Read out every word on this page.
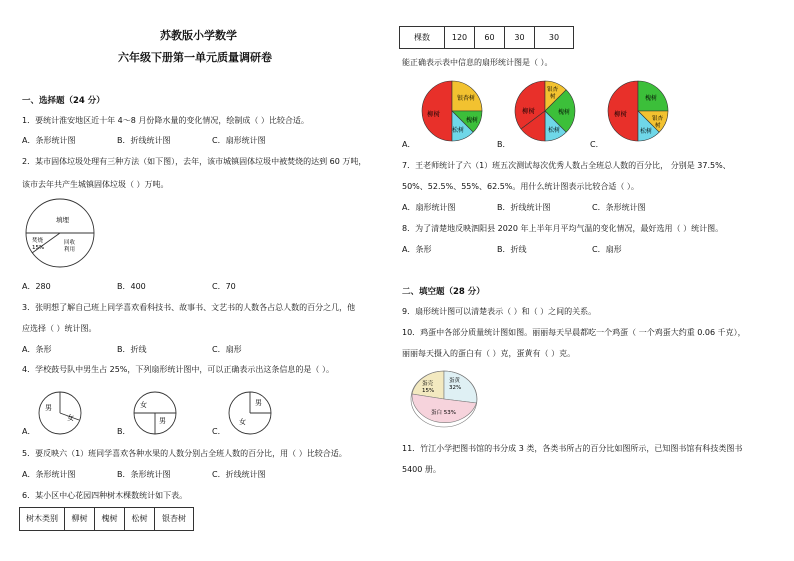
苏教版小学数学
六年级下册第一单元质量调研卷
一、选择题（24 分）
1．要统计淮安地区近十年 4～8 月份降水量的变化情况，绘制成（ ）比较合适。
A．条形统计图	B．折线统计图	C．扇形统计图
2．某市固体垃圾处理有三种方法（如下图），去年，该市城镇固体垃圾中被焚烧的达到 60 万吨，
该市去年共产生城镇固体垃圾（ ）万吨。
填埋
焚烧
15%
回收
利用
A．280	B．400	C．70
3．张明想了解自己班上同学喜欢看科技书、故事书、文艺书的人数各占总人数的百分之几，他
应选择（ ）统计图。
A．条形	B．折线	C．扇形
4．学校鼓号队中男生占 25%，下列扇形统计图中，可以正确表示出这条信息的是（ ）。
A．
男
女
B．
女
男
C．
男
女
5．要反映六（1）班同学喜欢各种水果的人数分别占全班人数的百分比，用（ ）比较合适。
A．条形统计图	B．条形统计图	C．折线统计图
6．某小区中心花园四种树木棵数统计如下表。
树木类别	柳树	槐树	松树	银杏树
棵数	120	60	30	30
能正确表示表中信息的扇形统计图是（ ）。
柳树
银杏树
槐树
松树
A．
柳树
银杏
树
槐树
松树
B．
柳树
槐树
银杏
树
松树
C．
7．王老师统计了六（1）班五次测试每次优秀人数占全班总人数的百分比， 分别是 37.5%、
50%、52.5%、55%、62.5%。用什么统计图表示比较合适（ ）。
A．扇形统计图	B．折线统计图	C．条形统计图
8．为了清楚地反映泗阳县 2020 年上半年月平均气温的变化情况，最好选用（ ）统计图。
A．条形	B．折线	C．扇形
二、填空题（28 分）
9．扇形统计图可以清楚表示（ ）和（ ）之间的关系。
10．鸡蛋中各部分质量统计图如图。丽丽每天早晨都吃一个鸡蛋（ 一个鸡蛋大约重 0.06 千克），
丽丽每天摄入的蛋白有（ ）克，蛋黄有（ ）克。
蛋壳
15%
蛋黄
32%
蛋白 53%
11．竹江小学把图书馆的书分成 3 类，各类书所占的百分比如图所示，已知图书馆有科技类图书
5400 册。
